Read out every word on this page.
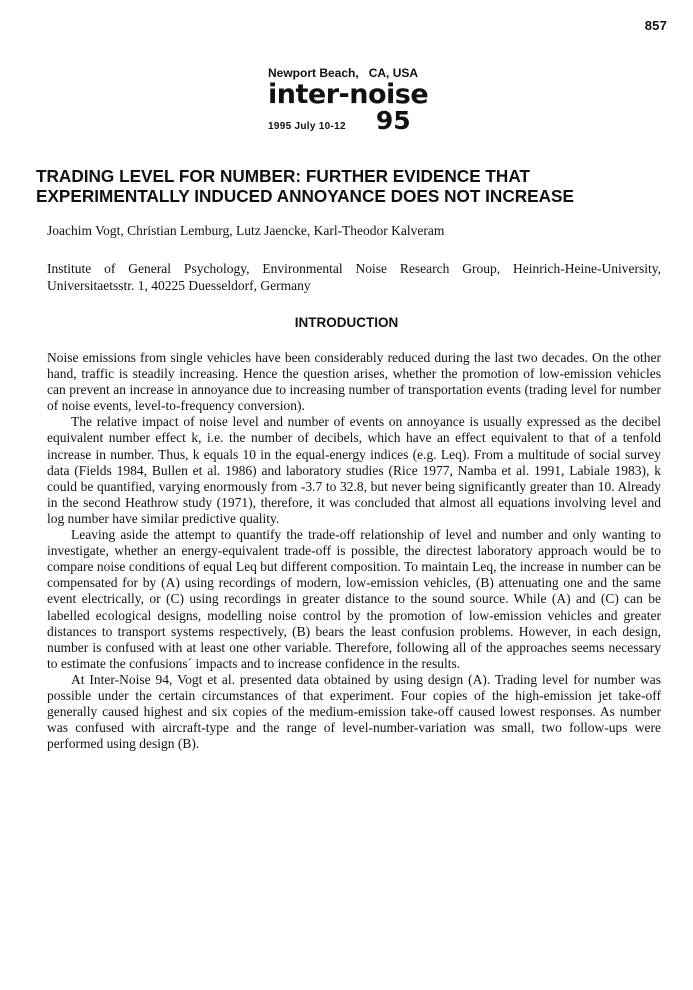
857
Newport Beach, CA, USA
inter-noise
1995 July 10-12 95
TRADING LEVEL FOR NUMBER: FURTHER EVIDENCE THAT EXPERIMENTALLY INDUCED ANNOYANCE DOES NOT INCREASE
Joachim Vogt, Christian Lemburg, Lutz Jaencke, Karl-Theodor Kalveram
Institute of General Psychology, Environmental Noise Research Group, Heinrich-Heine-University, Universitaetsstr. 1, 40225 Duesseldorf, Germany
INTRODUCTION

Noise emissions from single vehicles have been considerably reduced during the last two decades. On the other hand, traffic is steadily increasing. Hence the question arises, whether the promotion of low-emission vehicles can prevent an increase in annoyance due to increasing number of transportation events (trading level for number of noise events, level-to-frequency conversion).

The relative impact of noise level and number of events on annoyance is usually expressed as the decibel equivalent number effect k, i.e. the number of decibels, which have an effect equivalent to that of a tenfold increase in number. Thus, k equals 10 in the equal-energy indices (e.g. Leq). From a multitude of social survey data (Fields 1984, Bullen et al. 1986) and laboratory studies (Rice 1977, Namba et al. 1991, Labiale 1983), k could be quantified, varying enormously from -3.7 to 32.8, but never being significantly greater than 10. Already in the second Heathrow study (1971), therefore, it was concluded that almost all equations involving level and log number have similar predictive quality.

Leaving aside the attempt to quantify the trade-off relationship of level and number and only wanting to investigate, whether an energy-equivalent trade-off is possible, the directest laboratory approach would be to compare noise conditions of equal Leq but different composition. To maintain Leq, the increase in number can be compensated for by (A) using recordings of modern, low-emission vehicles, (B) attenuating one and the same event electrically, or (C) using recordings in greater distance to the sound source. While (A) and (C) can be labelled ecological designs, modelling noise control by the promotion of low-emission vehicles and greater distances to transport systems respectively, (B) bears the least confusion problems. However, in each design, number is confused with at least one other variable. Therefore, following all of the approaches seems necessary to estimate the confusions´ impacts and to increase confidence in the results.

At Inter-Noise 94, Vogt et al. presented data obtained by using design (A). Trading level for number was possible under the certain circumstances of that experiment. Four copies of the high-emission jet take-off generally caused highest and six copies of the medium-emission take-off caused lowest responses. As number was confused with aircraft-type and the range of level-number-variation was small, two follow-ups were performed using design (B).
